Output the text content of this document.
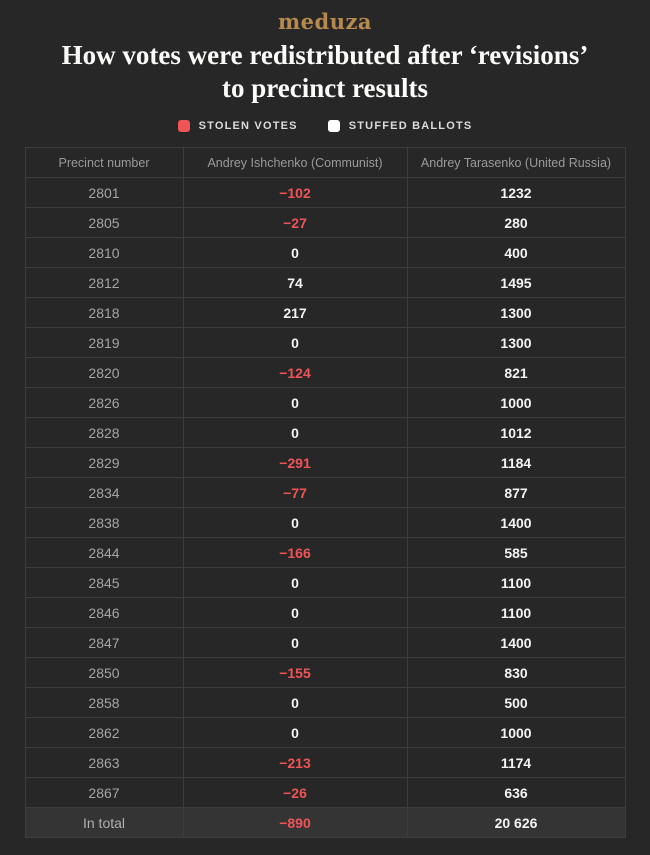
meduza
How votes were redistributed after ‘revisions’
to precinct results
STOLEN VOTES	STUFFED BALLOTS
Precinct number	Andrey Ishchenko (Communist)	Andrey Tarasenko (United Russia)
2801	−102	1232
2805	−27	280
2810	0	400
2812	74	1495
2818	217	1300
2819	0	1300
2820	−124	821
2826	0	1000
2828	0	1012
2829	−291	1184
2834	−77	877
2838	0	1400
2844	−166	585
2845	0	1100
2846	0	1100
2847	0	1400
2850	−155	830
2858	0	500
2862	0	1000
2863	−213	1174
2867	−26	636
In total	−890	20 626
